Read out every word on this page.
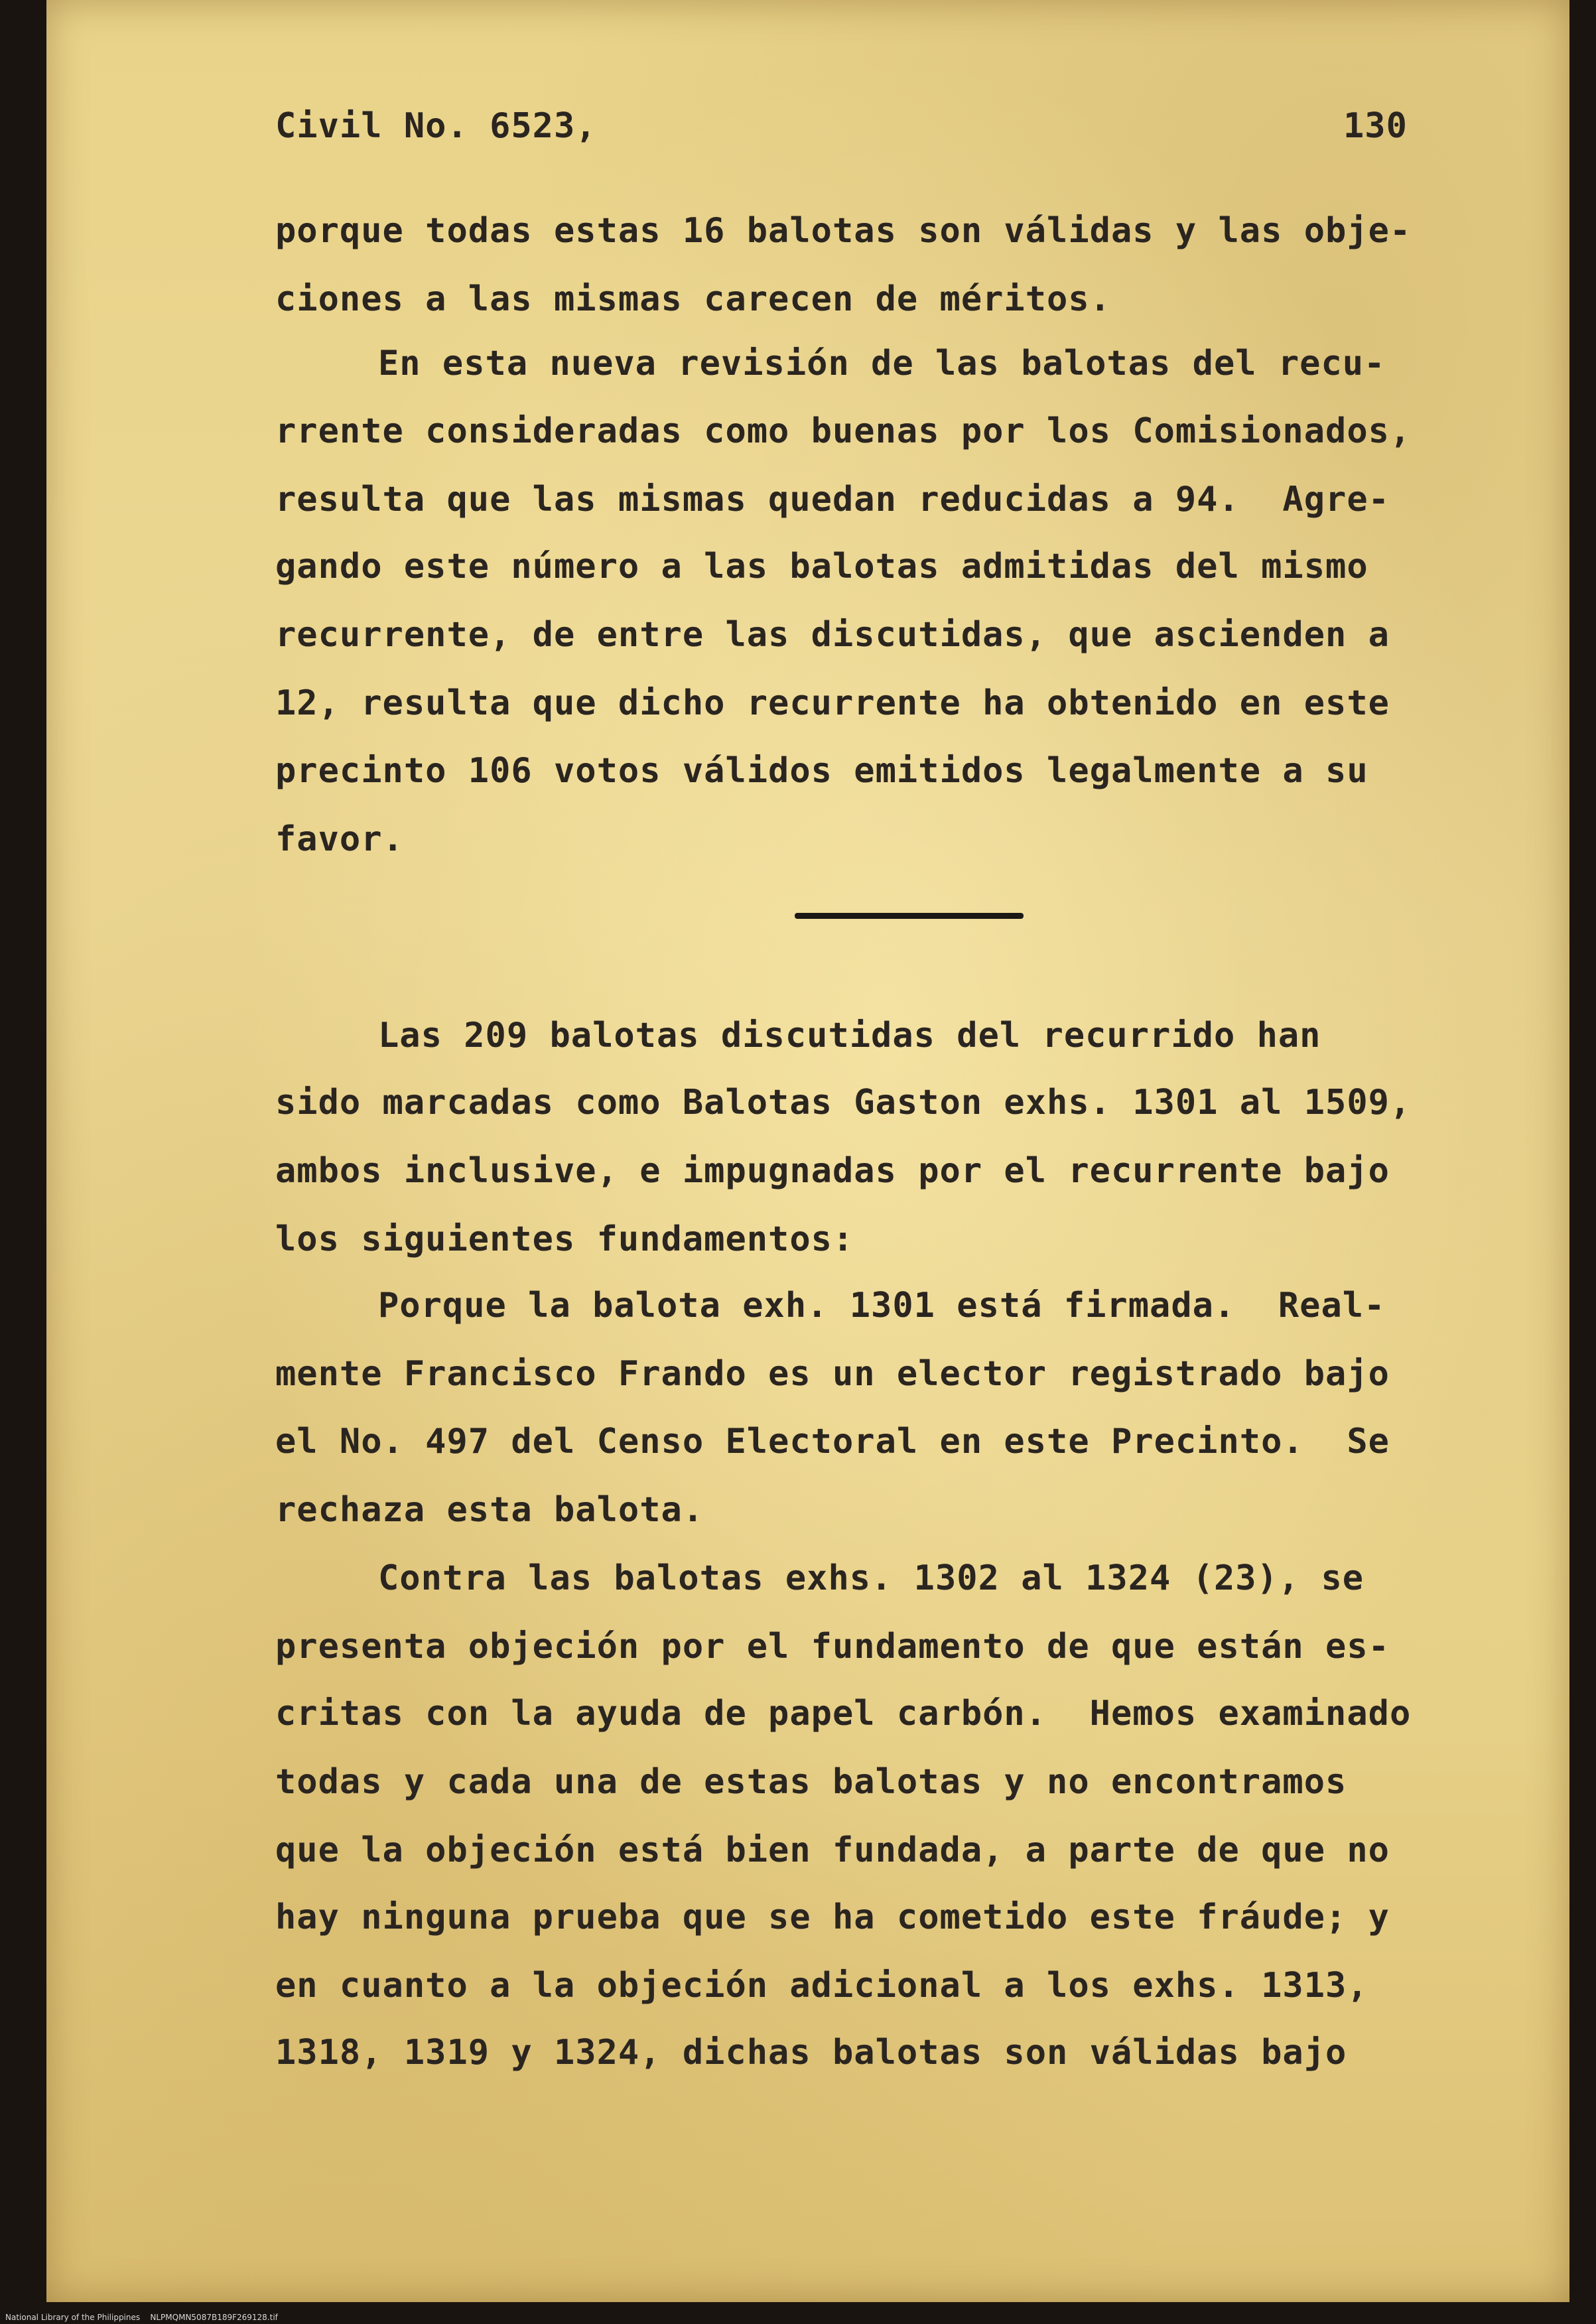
Civil No. 6523,	130
porque todas estas 16 balotas son válidas y las obje-
ciones a las mismas carecen de méritos.
En esta nueva revisión de las balotas del recu-
rrente consideradas como buenas por los Comisionados,
resulta que las mismas quedan reducidas a 94.  Agre-
gando este número a las balotas admitidas del mismo
recurrente, de entre las discutidas, que ascienden a
12, resulta que dicho recurrente ha obtenido en este
precinto 106 votos válidos emitidos legalmente a su
favor.
Las 209 balotas discutidas del recurrido han
sido marcadas como Balotas Gaston exhs. 1301 al 1509,
ambos inclusive, e impugnadas por el recurrente bajo
los siguientes fundamentos:
Porque la balota exh. 1301 está firmada.  Real-
mente Francisco Frando es un elector registrado bajo
el No. 497 del Censo Electoral en este Precinto.  Se
rechaza esta balota.
Contra las balotas exhs. 1302 al 1324 (23), se
presenta objeción por el fundamento de que están es-
critas con la ayuda de papel carbón.  Hemos examinado
todas y cada una de estas balotas y no encontramos
que la objeción está bien fundada, a parte de que no
hay ninguna prueba que se ha cometido este fráude; y
en cuanto a la objeción adicional a los exhs. 1313,
1318, 1319 y 1324, dichas balotas son válidas bajo
National Library of the Philippines    NLPMQMN5087B189F269128.tif
